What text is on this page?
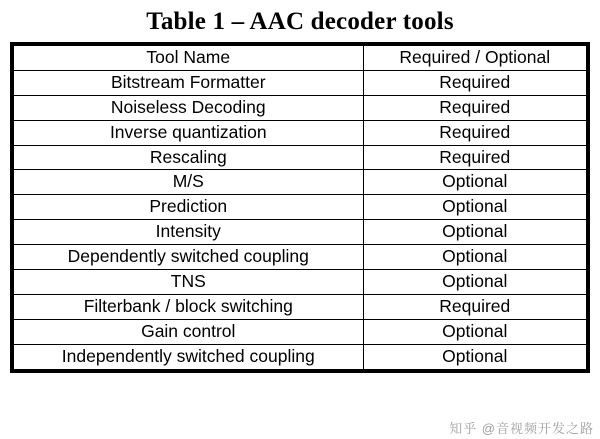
Table 1 – AAC decoder tools
Tool Name	Required / Optional
Bitstream Formatter	Required
Noiseless Decoding	Required
Inverse quantization	Required
Rescaling	Required
M/S	Optional
Prediction	Optional
Intensity	Optional
Dependently switched coupling	Optional
TNS	Optional
Filterbank / block switching	Required
Gain control	Optional
Independently switched coupling	Optional
知乎 @音视频开发之路
